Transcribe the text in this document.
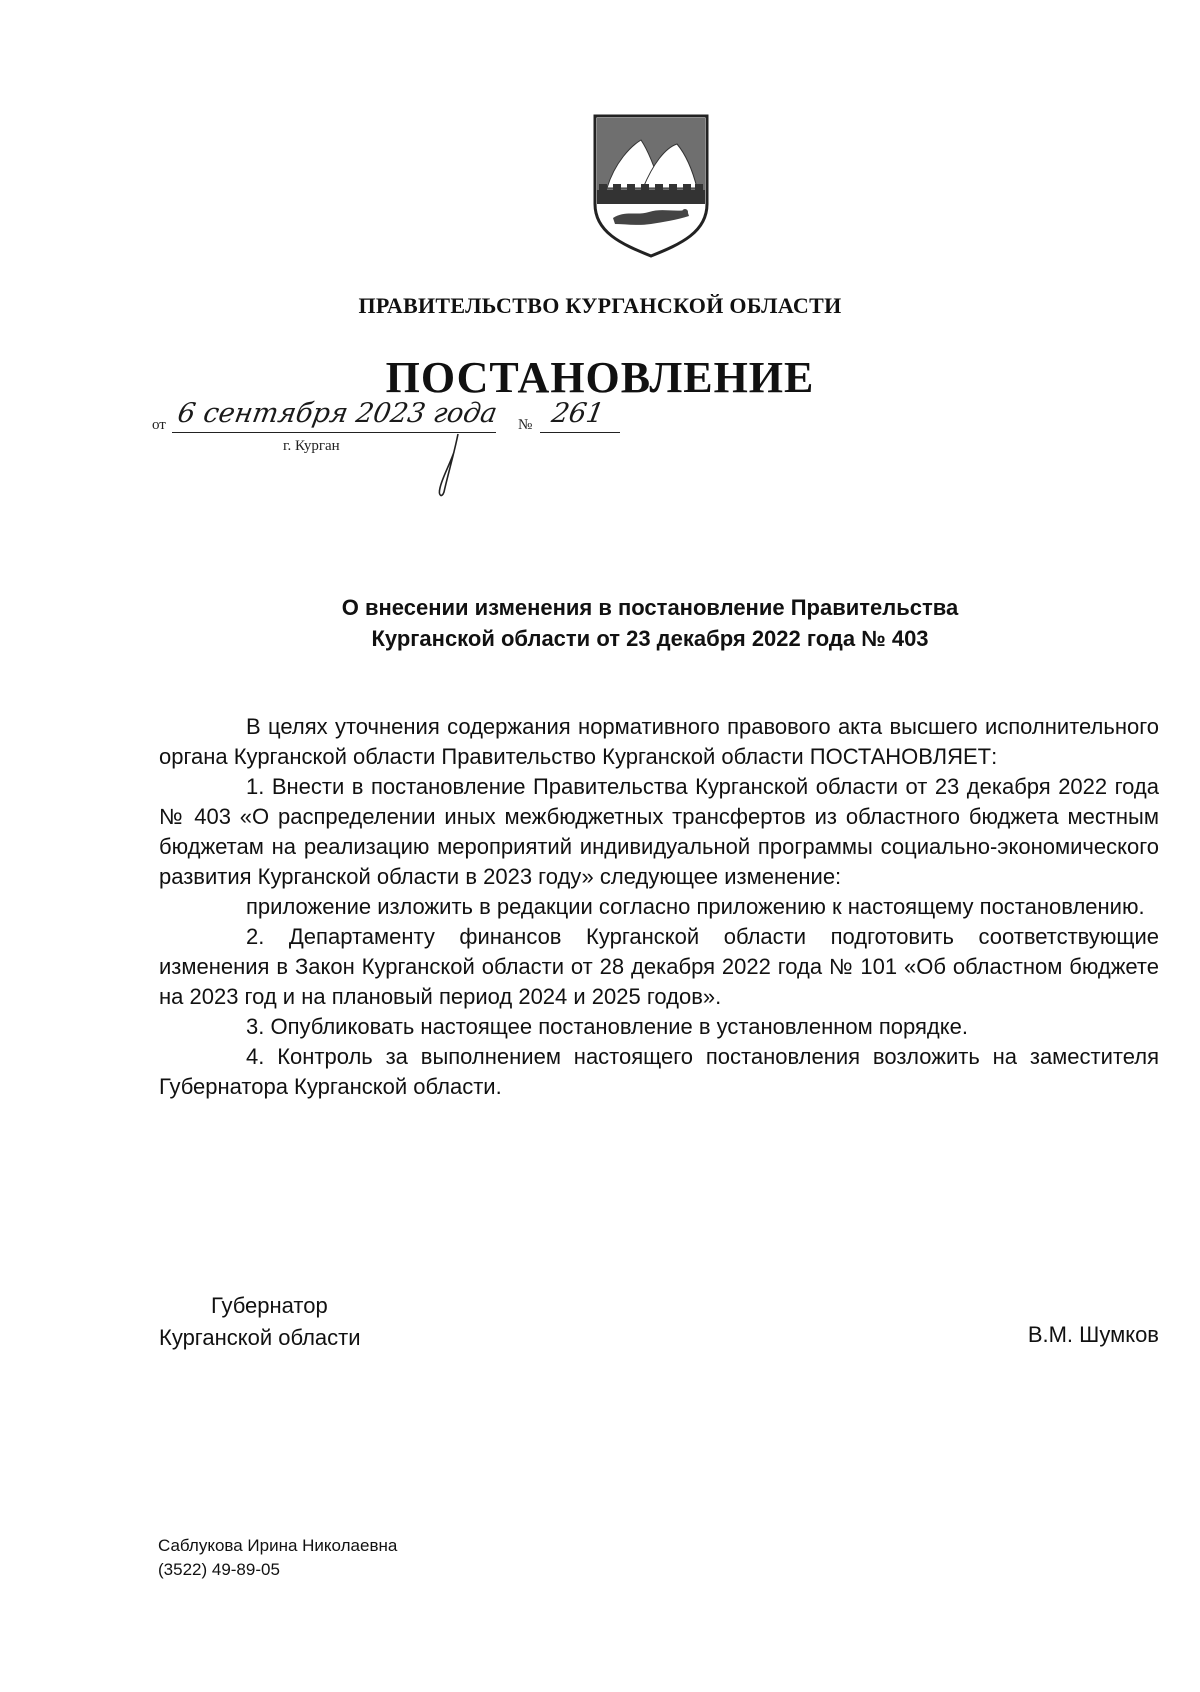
ПРАВИТЕЛЬСТВО КУРГАНСКОЙ ОБЛАСТИ
ПОСТАНОВЛЕНИЕ
от 6 сентября 2023 года № 261
г. Курган
О внесении изменения в постановление Правительства
Курганской области от 23 декабря 2022 года № 403

В целях уточнения содержания нормативного правового акта высшего исполнительного органа Курганской области Правительство Курганской области ПОСТАНОВЛЯЕТ:

1. Внести в постановление Правительства Курганской области от 23 декабря 2022 года № 403 «О распределении иных межбюджетных трансфертов из областного бюджета местным бюджетам на реализацию мероприятий индивидуальной программы социально-экономического развития Курганской области в 2023 году» следующее изменение:

приложение изложить в редакции согласно приложению к настоящему постановлению.

2. Департаменту финансов Курганской области подготовить соответствующие изменения в Закон Курганской области от 28 декабря 2022 года № 101 «Об областном бюджете на 2023 год и на плановый период 2024 и 2025 годов».

3. Опубликовать настоящее постановление в установленном порядке.

4. Контроль за выполнением настоящего постановления возложить на заместителя Губернатора Курганской области.

Губернатор
Курганской области	В.М. Шумков
Саблукова Ирина Николаевна
(3522) 49-89-05
